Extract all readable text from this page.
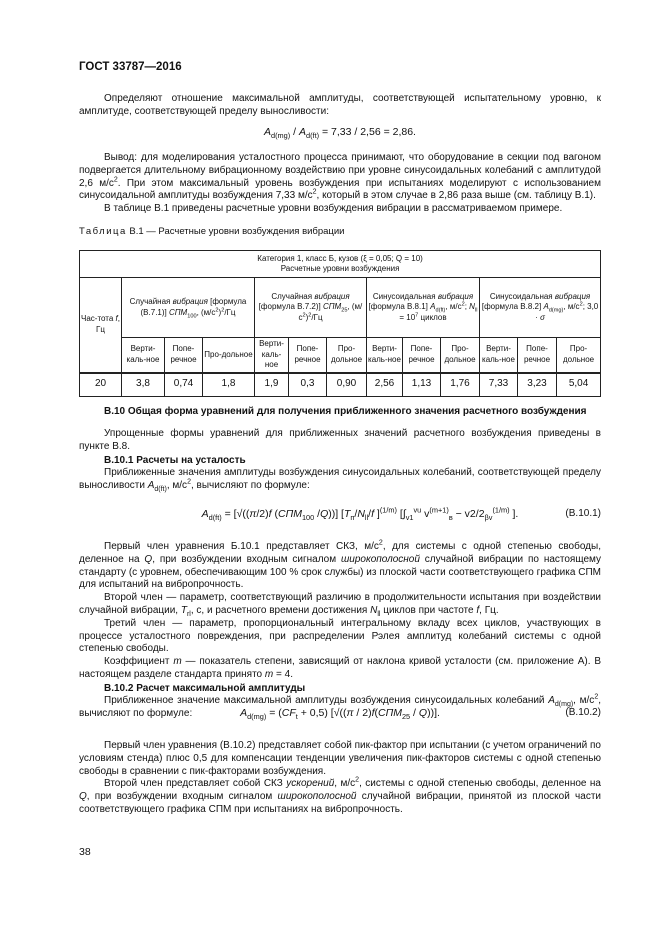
ГОСТ 33787—2016

Определяют отношение максимальной амплитуды, соответствующей испытательному уровню, к амплитуде, соответствующей пределу выносливости:

$A_{d(mg)} / A_{d(ft)} = 7,33 / 2,56 = 2,86$.

Вывод: для моделирования усталостного процесса принимают, что оборудование в секции под вагоном подвергается длительному вибрационному воздействию при уровне синусоидальных колебаний с амплитудой 2,6 $м/с^2$. При этом максимальный уровень возбуждения при испытаниях моделируют с использованием синусоидальной амплитуды возбуждения 7,33 $м/с^2$, который в этом случае в 2,86 раза выше (см. таблицу В.1).

В таблице В.1 приведены расчетные уровни возбуждения вибрации в рассматриваемом примере.

Таблица В.1 — Расчетные уровни возбуждения вибрации
Категория 1, класс Б, кузов (ξ = 0,05; Q = 10)
Расчетные уровни возбуждения												

Час-тота f, Гц	Случайная вибрация [формула (В.7.1)] $СПМ_{100}$, $(м/с^2)^2/Гц$			Случайная вибрация [формула В.7.2)] $СПМ_{25}$, $(м/с^2)^2/Гц$			Синусоидальная вибрация [формула В.8.1] $A_{d(ft)}$, $м/с^2$; $N_{ll} = 10^7$ циклов			Синусоидальная вибрация [формула В.8.2] $A_{d(mg)}$, $м/с^2$; 3,0 · σ		
	Верти-каль-ное	Попе-речное	Про-дольное	Верти-каль-ное	Попе-речное	Про-дольное	Верти-каль-ное	Попе-речное	Про-дольное	Верти-каль-ное	Попе-речное	Про-дольное
20	3,8	0,74	1,8	1,9	0,3	0,90	2,56	1,13	1,76	7,33	3,23	5,04

В.10 Общая форма уравнений для получения приближенного значения расчетного возбуждения

Упрощенные формы уравнений для приближенных значений расчетного возбуждения приведены в пункте В.8.

В.10.1 Расчеты на усталость

Приближенные значения амплитуды возбуждения синусоидальных колебаний, соответствующей пределу выносливости $A_{d(ft)}$, $м/с^2$, вычисляют по формуле:

$A_{d(ft)} = [√((\pi/2)f$ ($СПМ_{100}$ /Q))] [$T_п/N_{ll}/f$ ]$^{(1/m)}$ [$\int_{v1}^{vu}$ $v^{(m+1)}_в - v2/2_{\beta v}^{(1/m)}$ ].	(В.10.1)

Первый член уравнения Б.10.1 представляет СКЗ, $м/с^2$, для системы с одной степенью свободы, деленное на Q, при возбуждении входным сигналом широкополосной случайной вибрации по настоящему стандарту (с уровнем, обеспечивающим 100 % срок службы) из плоской части соответствующего графика СПМ для испытаний на вибропрочность.

Второй член — параметр, соответствующий различию в продолжительности испытания при воздействии случайной вибрации, $T_{rl}$, с, и расчетного времени достижения $N_{ll}$ циклов при частоте f, Гц.

Третий член — параметр, пропорциональный интегральному вкладу всех циклов, участвующих в процессе усталостного повреждения, при распределении Рэлея амплитуд колебаний системы с одной степенью свободы.

Коэффициент m — показатель степени, зависящий от наклона кривой усталости (см. приложение А). В настоящем разделе стандарта принято m = 4.

В.10.2 Расчет максимальной амплитуды

Приближенное значение максимальной амплитуды возбуждения синусоидальных колебаний $A_{d(mg)}$, $м/с^2$, вычисляют по формуле:	$A_{d(mg)} = (CF_t + 0,5)$ $[√((\pi / 2)f(СПМ_{25} / Q))]$.	(В.10.2)

Первый член уравнения (В.10.2) представляет собой пик-фактор при испытании (с учетом ограничений по условиям стенда) плюс 0,5 для компенсации тенденции увеличения пик-факторов системы с одной степенью свободы в сравнении с пик-факторами возбуждения.

Второй член представляет собой СКЗ ускорений, $м/с^2$, системы с одной степенью свободы, деленное на Q, при возбуждении входным сигналом широкополосной случайной вибрации, принятой из плоской части соответствующего графика СПМ при испытаниях на вибропрочность.

38
